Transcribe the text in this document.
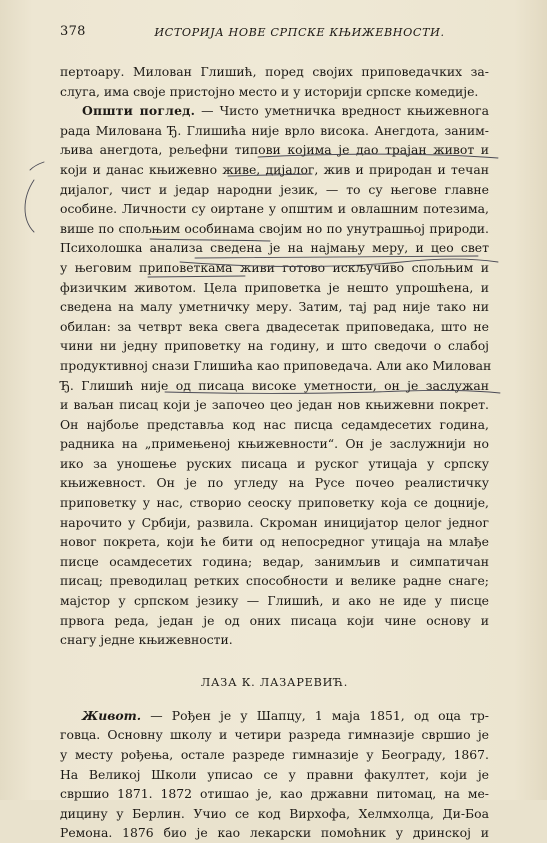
378	ИСТОРИЈА НОВЕ СРПСКЕ КЊИЖЕВНОСТИ.
пертоару. Милован Глишић, поред својих приповедачких за-
слуга, има своје пристојно место и у историји српске комедије.
Општи поглед. — Чисто уметничка вредност књижевнога
рада Милована Ђ. Глишића није врло висока. Анегдота, заним-
љива анегдота, рељефни типови којима је дао трајан живот и
који и данас књижевно живе, дијалог, жив и природан и течан
дијалог, чист и једар народни језик, — то су његове главне
особине. Личности су оиртане у општим и овлашним потезима,
више по спољњим особинама својим но по унутрашњој природи.
Психолошка анализа сведена је на најмању меру, и цео свет
у његовим приповеткама живи готово искључиво спољњим и
физичким животом. Цела приповетка је нешто упрошћена, и
сведена на малу уметничку меру. Затим, тај рад није тако ни
обилан: за четврт века свега двадесетак приповедака, што не
чини ни једну приповетку на годину, и што сведочи о слабој
продуктивној снази Глишића као приповедача. Али ако Милован
Ђ. Глишић није од писаца високе уметности, он је заслужан
и ваљан писац који је започео цео један нов књижевни покрет.
Он најбоље представља код нас писца седамдесетих година,
радника на „примењеној књижевности“. Он је заслужнији но
ико за уношење руских писаца и руског утицаја у српску
књижевност. Он је по угледу на Русе почео реалистичку
приповетку у нас, створио сеоску приповетку која се доцније,
нарочито у Србији, развила. Скроман иницијатор целог једног
новог покрета, који ће бити од непосредног утицаја на млађе
писце осамдесетих година; ведар, занимљив и симпатичан
писац; преводилац ретких способности и велике радне снаге;
мајстор у српском језику — Глишић, и ако не иде у писце
првога реда, један је од оних писаца који чине основу и
снагу једне књижевности.
ЛАЗА К. ЛАЗАРЕВИЋ.
Живот. — Рођен је у Шапцу, 1 маја 1851, од оца тр-
говца. Основну школу и четири разреда гимназије свршио је
у месту рођења, остале разреде гимназије у Београду, 1867.
На Великој Школи уписао се у правни факултет, који је
свршио 1871. 1872 отишао је, као државни питомац, на ме-
дицину у Берлин. Учио се код Вирхофа, Хелмхолца, Ди-Боа
Ремона. 1876 био је као лекарски помоћник у дринској и
